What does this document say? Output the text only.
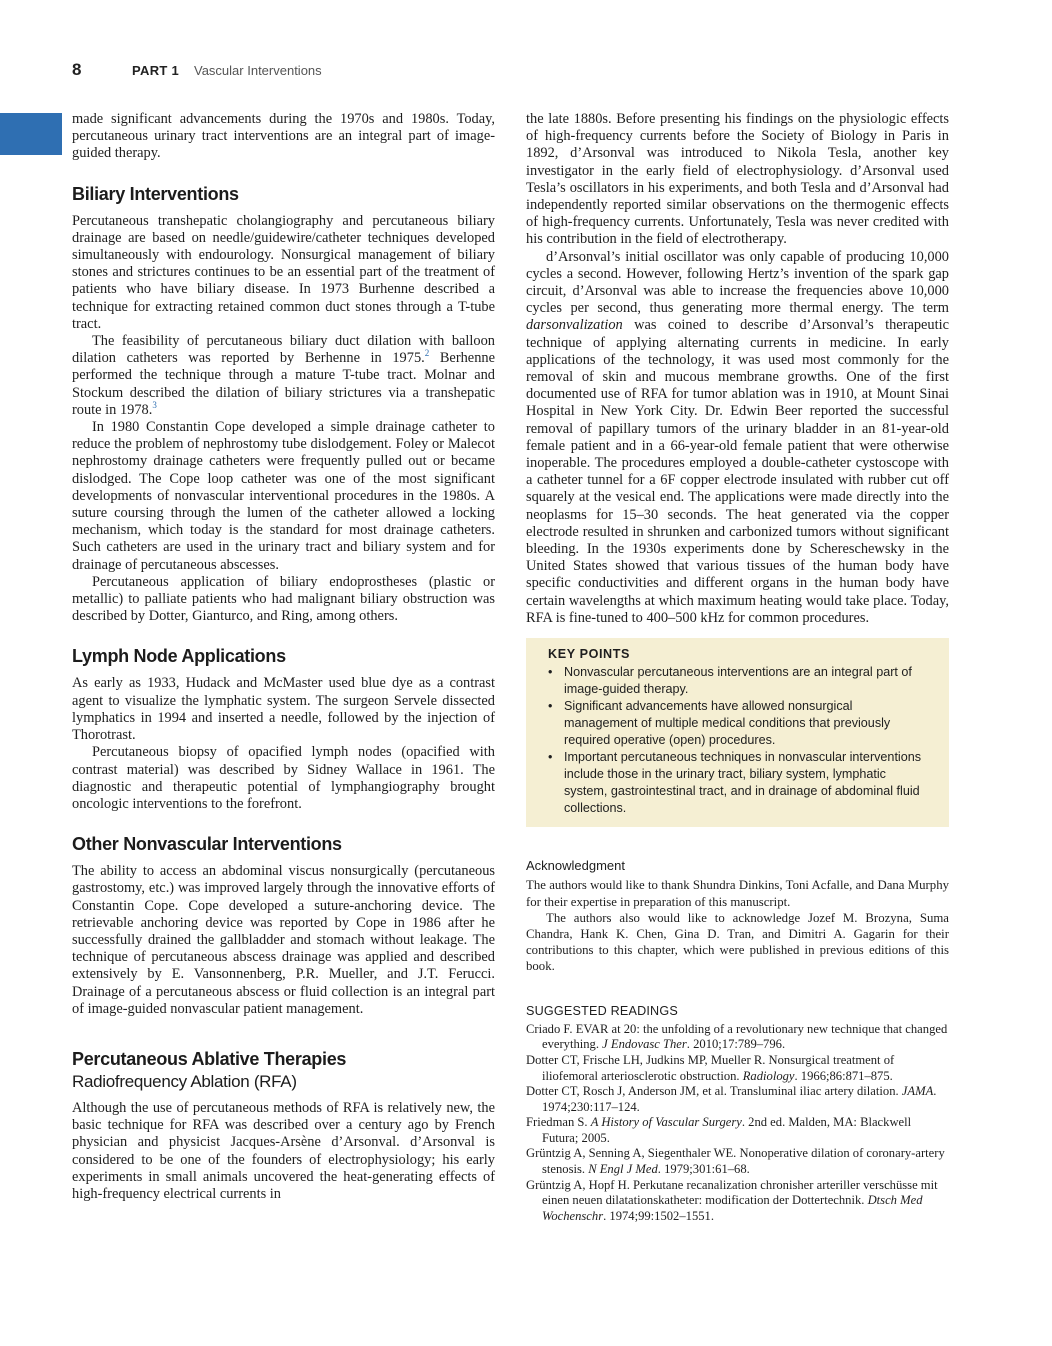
8	PART 1 Vascular Interventions

made significant advancements during the 1970s and 1980s. Today, percutaneous urinary tract interventions are an integral part of image-guided therapy.

Biliary Interventions

Percutaneous transhepatic cholangiography and percutaneous biliary drainage are based on needle/guidewire/catheter techniques developed simultaneously with endourology. Nonsurgical management of biliary stones and strictures continues to be an essential part of the treatment of patients who have biliary disease. In 1973 Burhenne described a technique for extracting retained common duct stones through a T-tube tract.

The feasibility of percutaneous biliary duct dilation with balloon dilation catheters was reported by Berhenne in 1975.$^2$ Berhenne performed the technique through a mature T-tube tract. Molnar and Stockum described the dilation of biliary strictures via a transhepatic route in 1978.$^3$

In 1980 Constantin Cope developed a simple drainage catheter to reduce the problem of nephrostomy tube dislodgement. Foley or Malecot nephrostomy drainage catheters were frequently pulled out or became dislodged. The Cope loop catheter was one of the most significant developments of nonvascular interventional procedures in the 1980s. A suture coursing through the lumen of the catheter allowed a locking mechanism, which today is the standard for most drainage catheters. Such catheters are used in the urinary tract and biliary system and for drainage of percutaneous abscesses.

Percutaneous application of biliary endoprostheses (plastic or metallic) to palliate patients who had malignant biliary obstruction was described by Dotter, Gianturco, and Ring, among others.

Lymph Node Applications

As early as 1933, Hudack and McMaster used blue dye as a contrast agent to visualize the lymphatic system. The surgeon Servele dissected lymphatics in 1994 and inserted a needle, followed by the injection of Thorotrast.

Percutaneous biopsy of opacified lymph nodes (opacified with contrast material) was described by Sidney Wallace in 1961. The diagnostic and therapeutic potential of lymphangiography brought oncologic interventions to the forefront.

Other Nonvascular Interventions

The ability to access an abdominal viscus nonsurgically (percutaneous gastrostomy, etc.) was improved largely through the innovative efforts of Constantin Cope. Cope developed a suture-anchoring device. The retrievable anchoring device was reported by Cope in 1986 after he successfully drained the gallbladder and stomach without leakage. The technique of percutaneous abscess drainage was applied and described extensively by E. Vansonnenberg, P.R. Mueller, and J.T. Ferucci. Drainage of a percutaneous abscess or fluid collection is an integral part of image-guided nonvascular patient management.

Percutaneous Ablative Therapies
Radiofrequency Ablation (RFA)

Although the use of percutaneous methods of RFA is relatively new, the basic technique for RFA was described over a century ago by French physician and physicist Jacques-Arsène d’Arsonval. d’Arsonval is considered to be one of the founders of electrophysiology; his early experiments in small animals uncovered the heat-generating effects of high-frequency electrical currents in

the late 1880s. Before presenting his findings on the physiologic effects of high-frequency currents before the Society of Biology in Paris in 1892, d’Arsonval was introduced to Nikola Tesla, another key investigator in the early field of electrophysiology. d’Arsonval used Tesla’s oscillators in his experiments, and both Tesla and d’Arsonval had independently reported similar observations on the thermogenic effects of high-frequency currents. Unfortunately, Tesla was never credited with his contribution in the field of electrotherapy.

d’Arsonval’s initial oscillator was only capable of producing 10,000 cycles a second. However, following Hertz’s invention of the spark gap circuit, d’Arsonval was able to increase the frequencies above 10,000 cycles per second, thus generating more thermal energy. The term darsonvalization was coined to describe d’Arsonval’s therapeutic technique of applying alternating currents in medicine. In early applications of the technology, it was used most commonly for the removal of skin and mucous membrane growths. One of the first documented use of RFA for tumor ablation was in 1910, at Mount Sinai Hospital in New York City. Dr. Edwin Beer reported the successful removal of papillary tumors of the urinary bladder in an 81-year-old female patient and in a 66-year-old female patient that were otherwise inoperable. The procedures employed a double-catheter cystoscope with a catheter tunnel for a 6F copper electrode insulated with rubber cut off squarely at the vesical end. The applications were made directly into the neoplasms for 15–30 seconds. The heat generated via the copper electrode resulted in shrunken and carbonized tumors without significant bleeding. In the 1930s experiments done by Schereschewsky in the United States showed that various tissues of the human body have specific conductivities and different organs in the human body have certain wavelengths at which maximum heating would take place. Today, RFA is fine-tuned to 400–500 kHz for common procedures.

KEY POINTS
• Nonvascular percutaneous interventions are an integral part of image-guided therapy.
• Significant advancements have allowed nonsurgical management of multiple medical conditions that previously required operative (open) procedures.
• Important percutaneous techniques in nonvascular interventions include those in the urinary tract, biliary system, lymphatic system, gastrointestinal tract, and in drainage of abdominal fluid collections.
Acknowledgment

The authors would like to thank Shundra Dinkins, Toni Acfalle, and Dana Murphy for their expertise in preparation of this manuscript.

The authors also would like to acknowledge Jozef M. Brozyna, Suma Chandra, Hank K. Chen, Gina D. Tran, and Dimitri A. Gagarin for their contributions to this chapter, which were published in previous editions of this book.

SUGGESTED READINGS

Criado F. EVAR at 20: the unfolding of a revolutionary new technique that changed everything. J Endovasc Ther. 2010;17:789–796.

Dotter CT, Frische LH, Judkins MP, Mueller R. Nonsurgical treatment of iliofemoral arteriosclerotic obstruction. Radiology. 1966;86:871–875.

Dotter CT, Rosch J, Anderson JM, et al. Transluminal iliac artery dilation. JAMA. 1974;230:117–124.

Friedman S. A History of Vascular Surgery. 2nd ed. Malden, MA: Blackwell Futura; 2005.

Grüntzig A, Senning A, Siegenthaler WE. Nonoperative dilation of coronary-artery stenosis. N Engl J Med. 1979;301:61–68.

Grüntzig A, Hopf H. Perkutane recanalization chronisher arteriller verschüsse mit einen neuen dilatationskatheter: modification der Dottertechnik. Dtsch Med Wochenschr. 1974;99:1502–1551.
